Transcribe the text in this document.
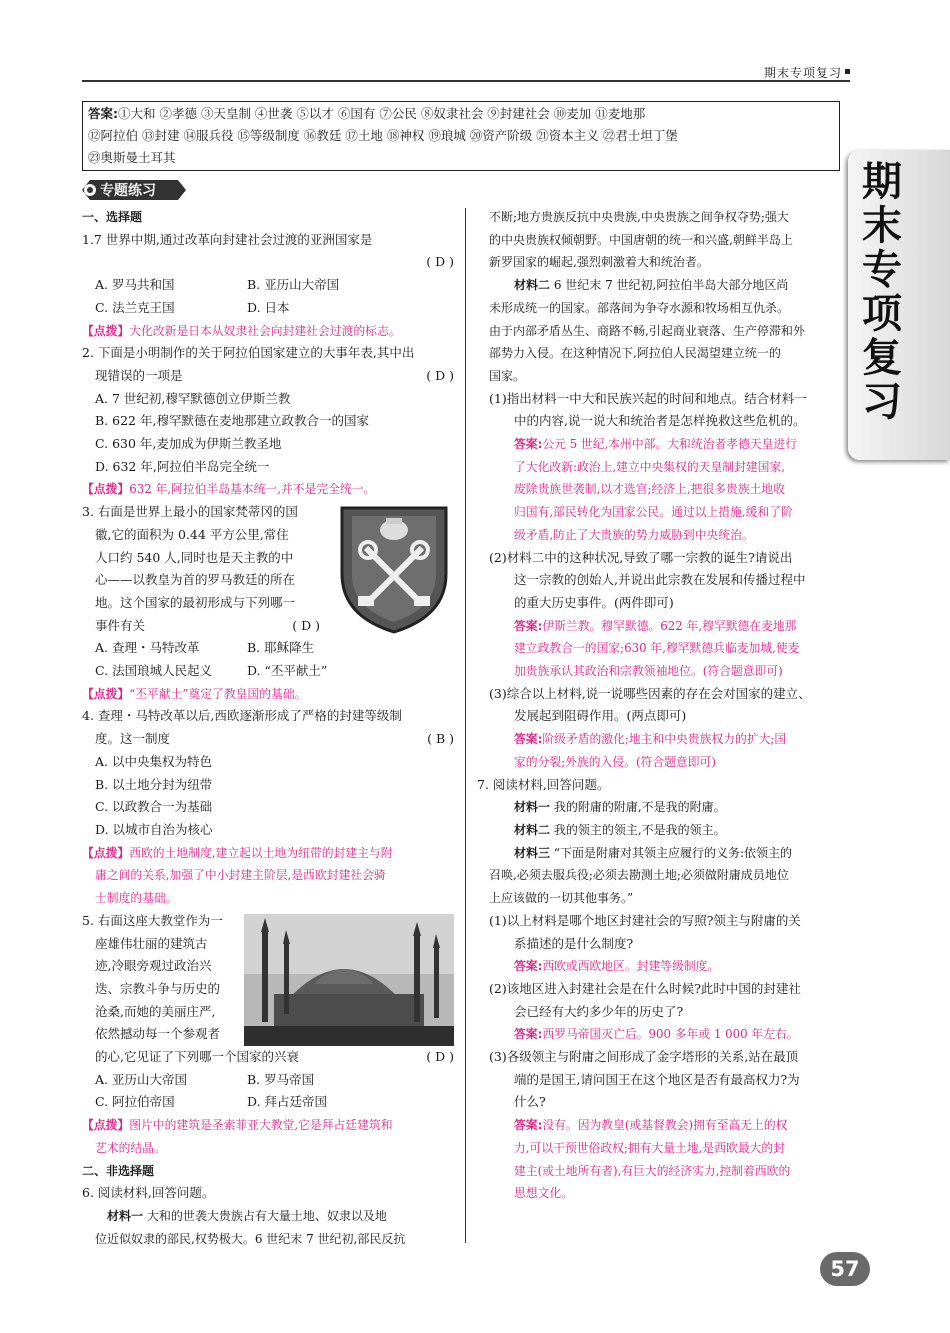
期末专项复习
答案:①大和 ②孝德 ③天皇制 ④世袭 ⑤以才 ⑥国有 ⑦公民 ⑧奴隶社会 ⑨封建社会 ⑩麦加 ⑪麦地那
⑫阿拉伯 ⑬封建 ⑭服兵役 ⑮等级制度 ⑯教廷 ⑰土地 ⑱神权 ⑲琅城 ⑳资产阶级 ㉑资本主义 ㉒君士坦丁堡
㉓奥斯曼土耳其
期末专项复习
专题练习

一、选择题

1.7 世界中期,通过改革向封建社会过渡的亚洲国家是

( D )

A. 罗马共和国	B. 亚历山大帝国

C. 法兰克王国	D. 日本

【点拨】大化改新是日本从奴隶社会向封建社会过渡的标志。

2. 下面是小明制作的关于阿拉伯国家建立的大事年表,其中出

现错误的一项是	( D )

A. 7 世纪初,穆罕默德创立伊斯兰教

B. 622 年,穆罕默德在麦地那建立政教合一的国家

C. 630 年,麦加成为伊斯兰教圣地

D. 632 年,阿拉伯半岛完全统一

【点拨】632 年,阿拉伯半岛基本统一,并不是完全统一。

3. 右面是世界上最小的国家梵蒂冈的国

徽,它的面积为 0.44 平方公里,常住

人口约 540 人,同时也是天主教的中

心——以教皇为首的罗马教廷的所在

地。这个国家的最初形成与下列哪一

事件有关	( D )

A. 查理・马特改革	B. 耶稣降生

C. 法国琅城人民起义	D. “丕平献土”

【点拨】“丕平献土”奠定了教皇国的基础。

4. 查理・马特改革以后,西欧逐渐形成了严格的封建等级制

度。这一制度	( B )

A. 以中央集权为特色

B. 以土地分封为纽带

C. 以政教合一为基础

D. 以城市自治为核心

【点拨】西欧的土地制度,建立起以土地为纽带的封建主与附

庸之间的关系,加强了中小封建主阶层,是西欧封建社会骑

士制度的基础。

5. 右面这座大教堂作为一

座雄伟壮丽的建筑古

迹,冷眼旁观过政治兴

迭、宗教斗争与历史的

沧桑,而她的美丽庄严,

依然撼动每一个参观者

的心,它见证了下列哪一个国家的兴衰	( D )

A. 亚历山大帝国	B. 罗马帝国

C. 阿拉伯帝国	D. 拜占廷帝国

【点拨】图片中的建筑是圣索菲亚大教堂,它是拜占廷建筑和

艺术的结晶。

二、非选择题

6. 阅读材料,回答问题。

材料一 大和的世袭大贵族占有大量土地、奴隶以及地

位近似奴隶的部民,权势极大。6 世纪末 7 世纪初,部民反抗

不断;地方贵族反抗中央贵族,中央贵族之间争权夺势;强大

的中央贵族权倾朝野。中国唐朝的统一和兴盛,朝鲜半岛上

新罗国家的崛起,强烈刺激着大和统治者。

材料二 6 世纪末 7 世纪初,阿拉伯半岛大部分地区尚

未形成统一的国家。部落间为争夺水源和牧场相互仇杀。

由于内部矛盾丛生、商路不畅,引起商业衰落、生产停滞和外

部势力入侵。在这种情况下,阿拉伯人民渴望建立统一的

国家。

(1)指出材料一中大和民族兴起的时间和地点。结合材料一

中的内容,说一说大和统治者是怎样挽救这些危机的。

答案:公元 5 世纪,本州中部。大和统治者孝德天皇进行

了大化改新:政治上,建立中央集权的天皇制封建国家,

废除贵族世袭制,以才选官;经济上,把很多贵族土地收

归国有,部民转化为国家公民。通过以上措施,缓和了阶

级矛盾,防止了大贵族的势力威胁到中央统治。

(2)材料二中的这种状况,导致了哪一宗教的诞生?请说出

这一宗教的创始人,并说出此宗教在发展和传播过程中

的重大历史事件。(两件即可)

答案:伊斯兰教。穆罕默德。622 年,穆罕默德在麦地那

建立政教合一的国家;630 年,穆罕默德兵临麦加城,使麦

加贵族承认其政治和宗教领袖地位。(符合题意即可)

(3)综合以上材料,说一说哪些因素的存在会对国家的建立、

发展起到阻碍作用。(两点即可)

答案:阶级矛盾的激化;地主和中央贵族权力的扩大;国

家的分裂;外族的入侵。(符合题意即可)

7. 阅读材料,回答问题。

材料一 我的附庸的附庸,不是我的附庸。

材料二 我的领主的领主,不是我的领主。

材料三 “下面是附庸对其领主应履行的义务:依领主的

召唤,必须去服兵役;必须去勘测土地;必须做附庸成员地位

上应该做的一切其他事务。”

(1)以上材料是哪个地区封建社会的写照?领主与附庸的关

系描述的是什么制度?

答案:西欧或西欧地区。封建等级制度。

(2)该地区进入封建社会是在什么时候?此时中国的封建社

会已经有大约多少年的历史了?

答案:西罗马帝国灭亡后。900 多年或 1 000 年左右。

(3)各级领主与附庸之间形成了金字塔形的关系,站在最顶

端的是国王,请问国王在这个地区是否有最高权力?为

什么?

答案:没有。因为教皇(或基督教会)拥有至高无上的权

力,可以干预世俗政权;拥有大量土地,是西欧最大的封

建主(或土地所有者),有巨大的经济实力,控制着西欧的

思想文化。

57
